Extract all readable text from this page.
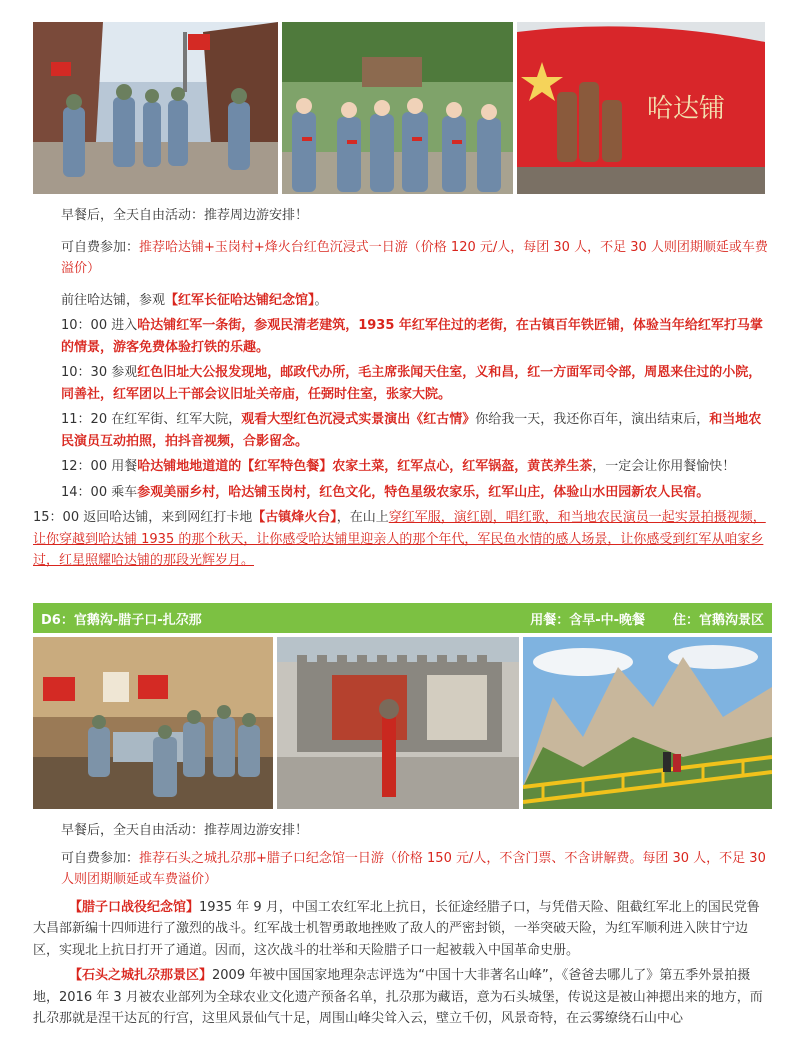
哈达铺

早餐后，全天自由活动：推荐周边游安排！

可自费参加：推荐哈达铺+玉岗村+烽火台红色沉浸式一日游（价格 120 元/人，每团 30 人，不足 30 人则团期顺延或车费溢价）

前往哈达铺，参观【红军长征哈达铺纪念馆】。

10：00 进入哈达铺红军一条街，参观民清老建筑，1935 年红军住过的老街，在古镇百年铁匠铺，体验当年给红军打马掌的情景，游客免费体验打铁的乐趣。

10：30 参观红色旧址大公报发现地，邮政代办所，毛主席张闻天住室，义和昌，红一方面军司令部，周恩来住过的小院，同善社，红军团以上干部会议旧址关帝庙，任弼时住室，张家大院。

11：20 在红军街、红军大院，观看大型红色沉浸式实景演出《红古情》你给我一天，我还你百年，演出结束后，和当地农民演员互动拍照，拍抖音视频，合影留念。

12：00 用餐哈达铺地地道道的【红军特色餐】农家土菜，红军点心，红军锅盔，黄芪养生茶，一定会让你用餐愉快！

14：00 乘车参观美丽乡村，哈达铺玉岗村，红色文化，特色星级农家乐，红军山庄，体验山水田园新农人民宿。

15：00 返回哈达铺，来到网红打卡地【古镇烽火台】，在山上穿红军服，演红剧，唱红歌，和当地农民演员一起实景拍摄视频，让你穿越到哈达铺 1935 的那个秋天，让你感受哈达铺里迎亲人的那个年代，军民鱼水情的感人场景，让你感受到红军从咱家乡过，红星照耀哈达铺的那段光辉岁月。

D6：官鹅沟-腊子口-扎尕那	用餐：含早-中-晚餐 住：官鹅沟景区

早餐后，全天自由活动：推荐周边游安排！

可自费参加：推荐石头之城扎尕那+腊子口纪念馆一日游（价格 150 元/人，不含门票、不含讲解费。每团 30 人，不足 30 人则团期顺延或车费溢价）

【腊子口战役纪念馆】1935 年 9 月，中国工农红军北上抗日，长征途经腊子口，与凭借天险、阻截红军北上的国民党鲁大昌部新编十四师进行了激烈的战斗。红军战士机智勇敢地挫败了敌人的严密封锁，一举突破天险，为红军顺利进入陕甘宁边区，实现北上抗日打开了通道。因而，这次战斗的壮举和天险腊子口一起被载入中国革命史册。

【石头之城扎尕那景区】2009 年被中国国家地理杂志评选为“中国十大非著名山峰”，《爸爸去哪儿了》第五季外景拍摄地，2016 年 3 月被农业部列为全球农业文化遗产预备名单，扎尕那为藏语，意为石头城堡，传说这是被山神摁出来的地方，而扎尕那就是涅干达瓦的行宫，这里风景仙气十足，周围山峰尖耸入云，壁立千仞，风景奇特，在云雾缭绕石山中心
